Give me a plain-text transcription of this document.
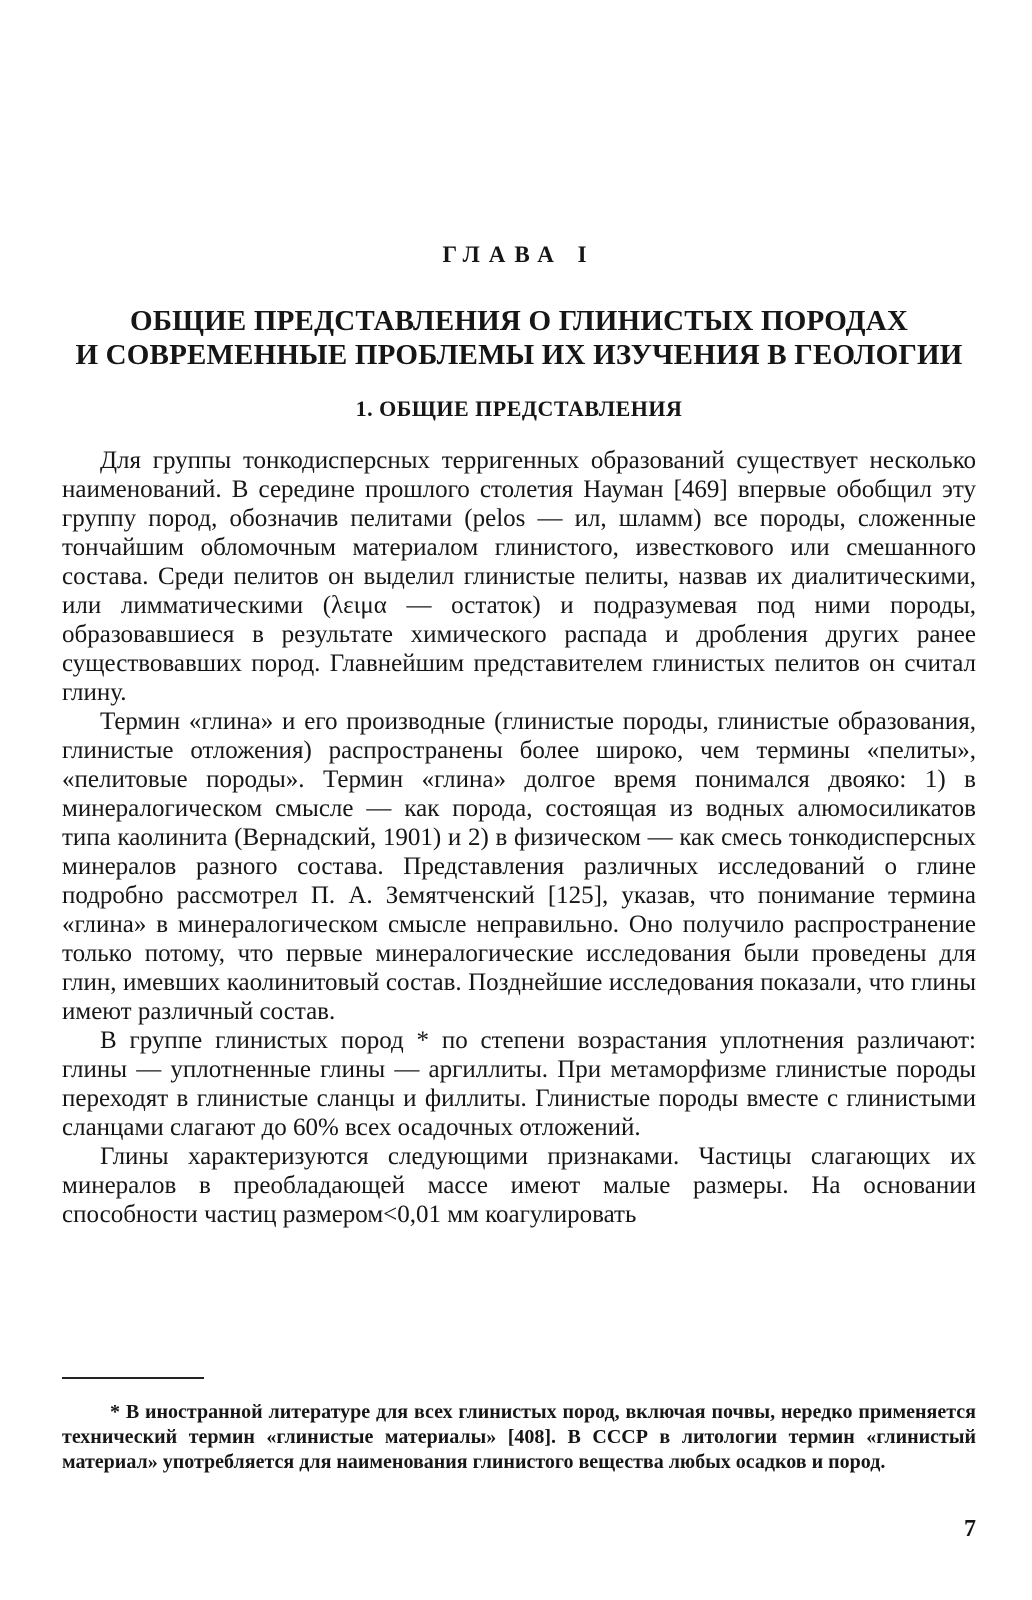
ГЛАВА I
ОБЩИЕ ПРЕДСТАВЛЕНИЯ О ГЛИНИСТЫХ ПОРОДАХ
И СОВРЕМЕННЫЕ ПРОБЛЕМЫ ИХ ИЗУЧЕНИЯ В ГЕОЛОГИИ
1. ОБЩИЕ ПРЕДСТАВЛЕНИЯ

Для группы тонкодисперсных терригенных образований существует несколько наименований. В середине прошлого столетия Науман [469] впервые обобщил эту группу пород, обозначив пелитами (pelos — ил, шламм) все породы, сложенные тончайшим обломочным материалом глинистого, известкового или смешанного состава. Среди пелитов он выделил глинистые пелиты, назвав их диалитическими, или лимматическими (λειμα — остаток) и подразумевая под ними породы, образовавшиеся в результате химического распада и дробления других ранее существовавших пород. Главнейшим представителем глинистых пелитов он считал глину.

Термин «глина» и его производные (глинистые породы, глинистые образования, глинистые отложения) распространены более широко, чем термины «пелиты», «пелитовые породы». Термин «глина» долгое время понимался двояко: 1) в минералогическом смысле — как порода, состоящая из водных алюмосиликатов типа каолинита (Вернадский, 1901) и 2) в физическом — как смесь тонкодисперсных минералов разного состава. Представления различных исследований о глине подробно рассмотрел П. А. Земятченский [125], указав, что понимание термина «глина» в минералогическом смысле неправильно. Оно получило распространение только потому, что первые минералогические исследования были проведены для глин, имевших каолинитовый состав. Позднейшие исследования показали, что глины имеют различный состав.

В группе глинистых пород * по степени возрастания уплотнения различают: глины — уплотненные глины — аргиллиты. При метаморфизме глинистые породы переходят в глинистые сланцы и филлиты. Глинистые породы вместе с глинистыми сланцами слагают до 60% всех осадочных отложений.

Глины характеризуются следующими признаками. Частицы слагающих их минералов в преобладающей массе имеют малые размеры. На основании способности частиц размером<0,01 мм коагулировать

* В иностранной литературе для всех глинистых пород, включая почвы, нередко применяется технический термин «глинистые материалы» [408]. В СССР в литологии термин «глинистый материал» употребляется для наименования глинистого вещества любых осадков и пород.

7
